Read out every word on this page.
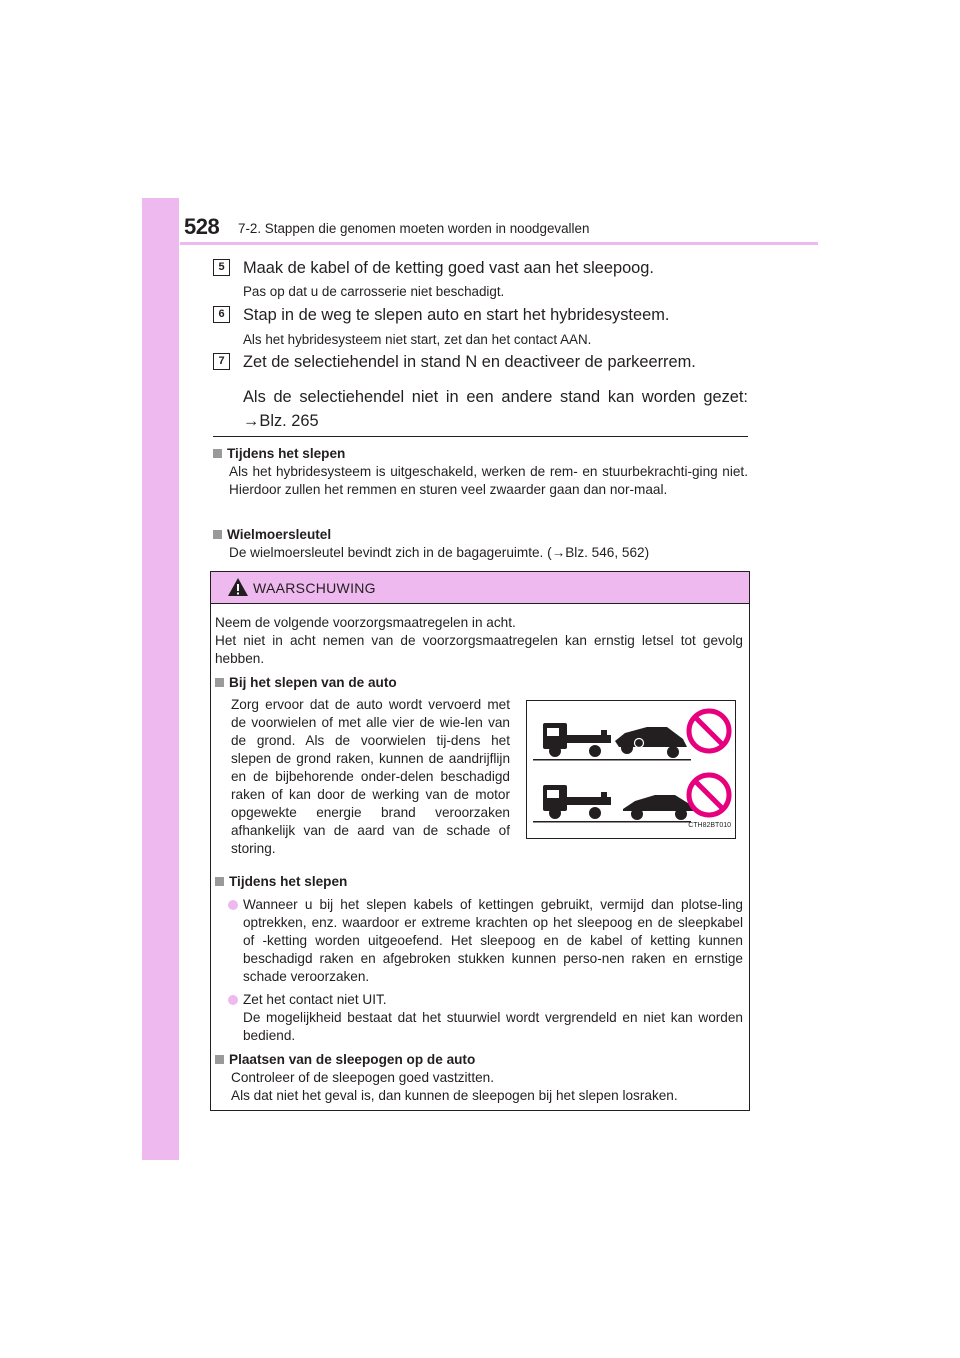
528 7-2. Stappen die genomen moeten worden in noodgevallen
5	Maak de kabel of de ketting goed vast aan het sleepoog.
Pas op dat u de carrosserie niet beschadigt.
6	Stap in de weg te slepen auto en start het hybridesysteem.
Als het hybridesysteem niet start, zet dan het contact AAN.
7	Zet de selectiehendel in stand N en deactiveer de parkeerrem.
Als de selectiehendel niet in een andere stand kan worden gezet: →Blz. 265
Tijdens het slepen
Als het hybridesysteem is uitgeschakeld, werken de rem- en stuurbekrachti-ging niet. Hierdoor zullen het remmen en sturen veel zwaarder gaan dan nor-maal.
Wielmoersleutel
De wielmoersleutel bevindt zich in de bagageruimte. (→Blz. 546, 562)
WAARSCHUWING
Neem de volgende voorzorgsmaatregelen in acht.
Het niet in acht nemen van de voorzorgsmaatregelen kan ernstig letsel tot gevolg hebben.
Bij het slepen van de auto
Zorg ervoor dat de auto wordt vervoerd met de voorwielen of met alle vier de wie-len van de grond. Als de voorwielen tij-dens het slepen de grond raken, kunnen de aandrijflijn en de bijbehorende onder-delen beschadigd raken of kan door de werking van de motor opgewekte energie brand veroorzaken afhankelijk van de aard van de schade of storing.
CTH82BT010
Tijdens het slepen
Wanneer u bij het slepen kabels of kettingen gebruikt, vermijd dan plotse-ling optrekken, enz. waardoor er extreme krachten op het sleepoog en de sleepkabel of -ketting worden uitgeoefend. Het sleepoog en de kabel of ketting kunnen beschadigd raken en afgebroken stukken kunnen perso-nen raken en ernstige schade veroorzaken.
Zet het contact niet UIT.
De mogelijkheid bestaat dat het stuurwiel wordt vergrendeld en niet kan worden bediend.
Plaatsen van de sleepogen op de auto
Controleer of de sleepogen goed vastzitten.
Als dat niet het geval is, dan kunnen de sleepogen bij het slepen losraken.
